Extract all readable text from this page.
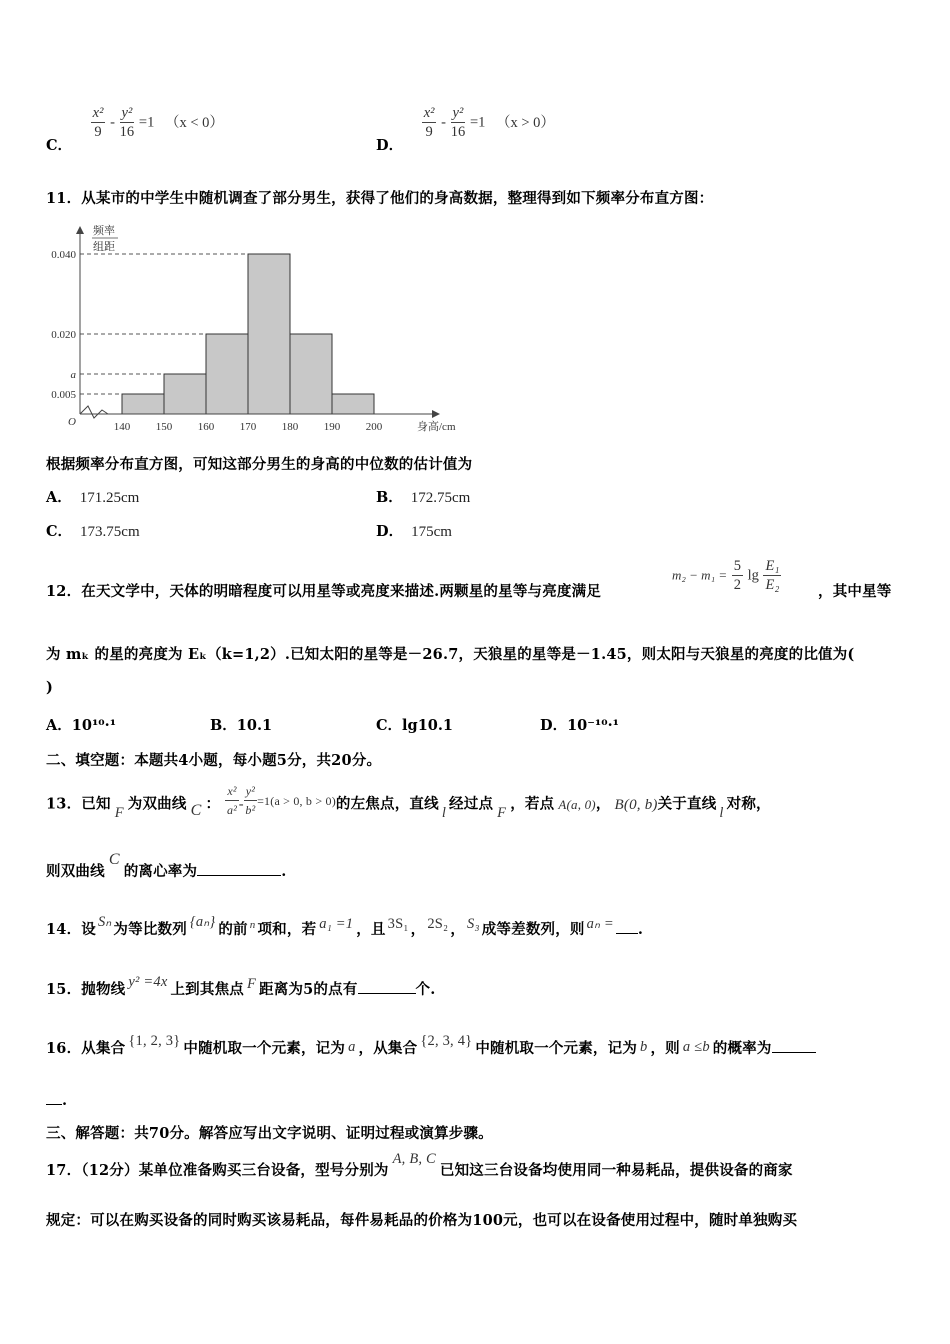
C．
$\frac{\text{x²}}{9} - \frac{\text{y²}}{16} =1$ （x < 0）
D．
$\frac{\text{x²}}{9} - \frac{\text{y²}}{16} =1$ （x > 0）
11．从某市的中学生中随机调查了部分男生，获得了他们的身高数据，整理得到如下频率分布直方图：
频率
组距
O	身高/cm
140 150 160 170 180 190 200
0.040
0.020
a
0.005
根据频率分布直方图，可知这部分男生的身高的中位数的估计值为
A． 171.25cm	B． 172.75cm
C． 173.75cm	D． 175cm
12．在天文学中，天体的明暗程度可以用星等或亮度来描述.两颗星的星等与亮度满足
$m_2 - m_1 = \frac{5}{2}$ $\lg \frac{\text{E₁}}{\text{E₂}}$	，其中星等
为 mₖ 的星的亮度为 Eₖ（k=1,2）.已知太阳的星等是－26.7，天狼星的星等是－1.45，则太阳与天狼星的亮度的比值为(
)
A．10¹⁰·¹	B．10.1	C．lg10.1	D．10⁻¹⁰·¹
二、填空题：本题共4小题，每小题5分，共20分。
13．已知 F 为双曲线 C ： $\frac{\text{x²}}{\text{a²}} - \frac{\text{y²}}{\text{b²}} ^{=1(a > 0, b > 0)}$的左焦点，直线 l 经过点 F ，若点 A(a, 0)， B(0, b)关于直线 l 对称，
则双曲线C的离心率为	.
14．设 Sₙ 为等比数列 {aₙ} 的前 $^n$ 项和，若 a₁ =1 ，且 3S₁ ， 2S₂ ， S₃ 成等差数列，则 aₙ = .
15．抛物线 y² =4x 上到其焦点 F 距离为5的点有	个.
16．从集合 {1, 2, 3} 中随机取一个元素，记为 a ，从集合 {2, 3, 4} 中随机取一个元素，记为 b ，则 a ≤b 的概率为
.
三、解答题：共70分。解答应写出文字说明、证明过程或演算步骤。
17．（12分）某单位准备购买三台设备，型号分别为A, B, C已知这三台设备均使用同一种易耗品，提供设备的商家
规定：可以在购买设备的同时购买该易耗品，每件易耗品的价格为100元，也可以在设备使用过程中，随时单独购买
